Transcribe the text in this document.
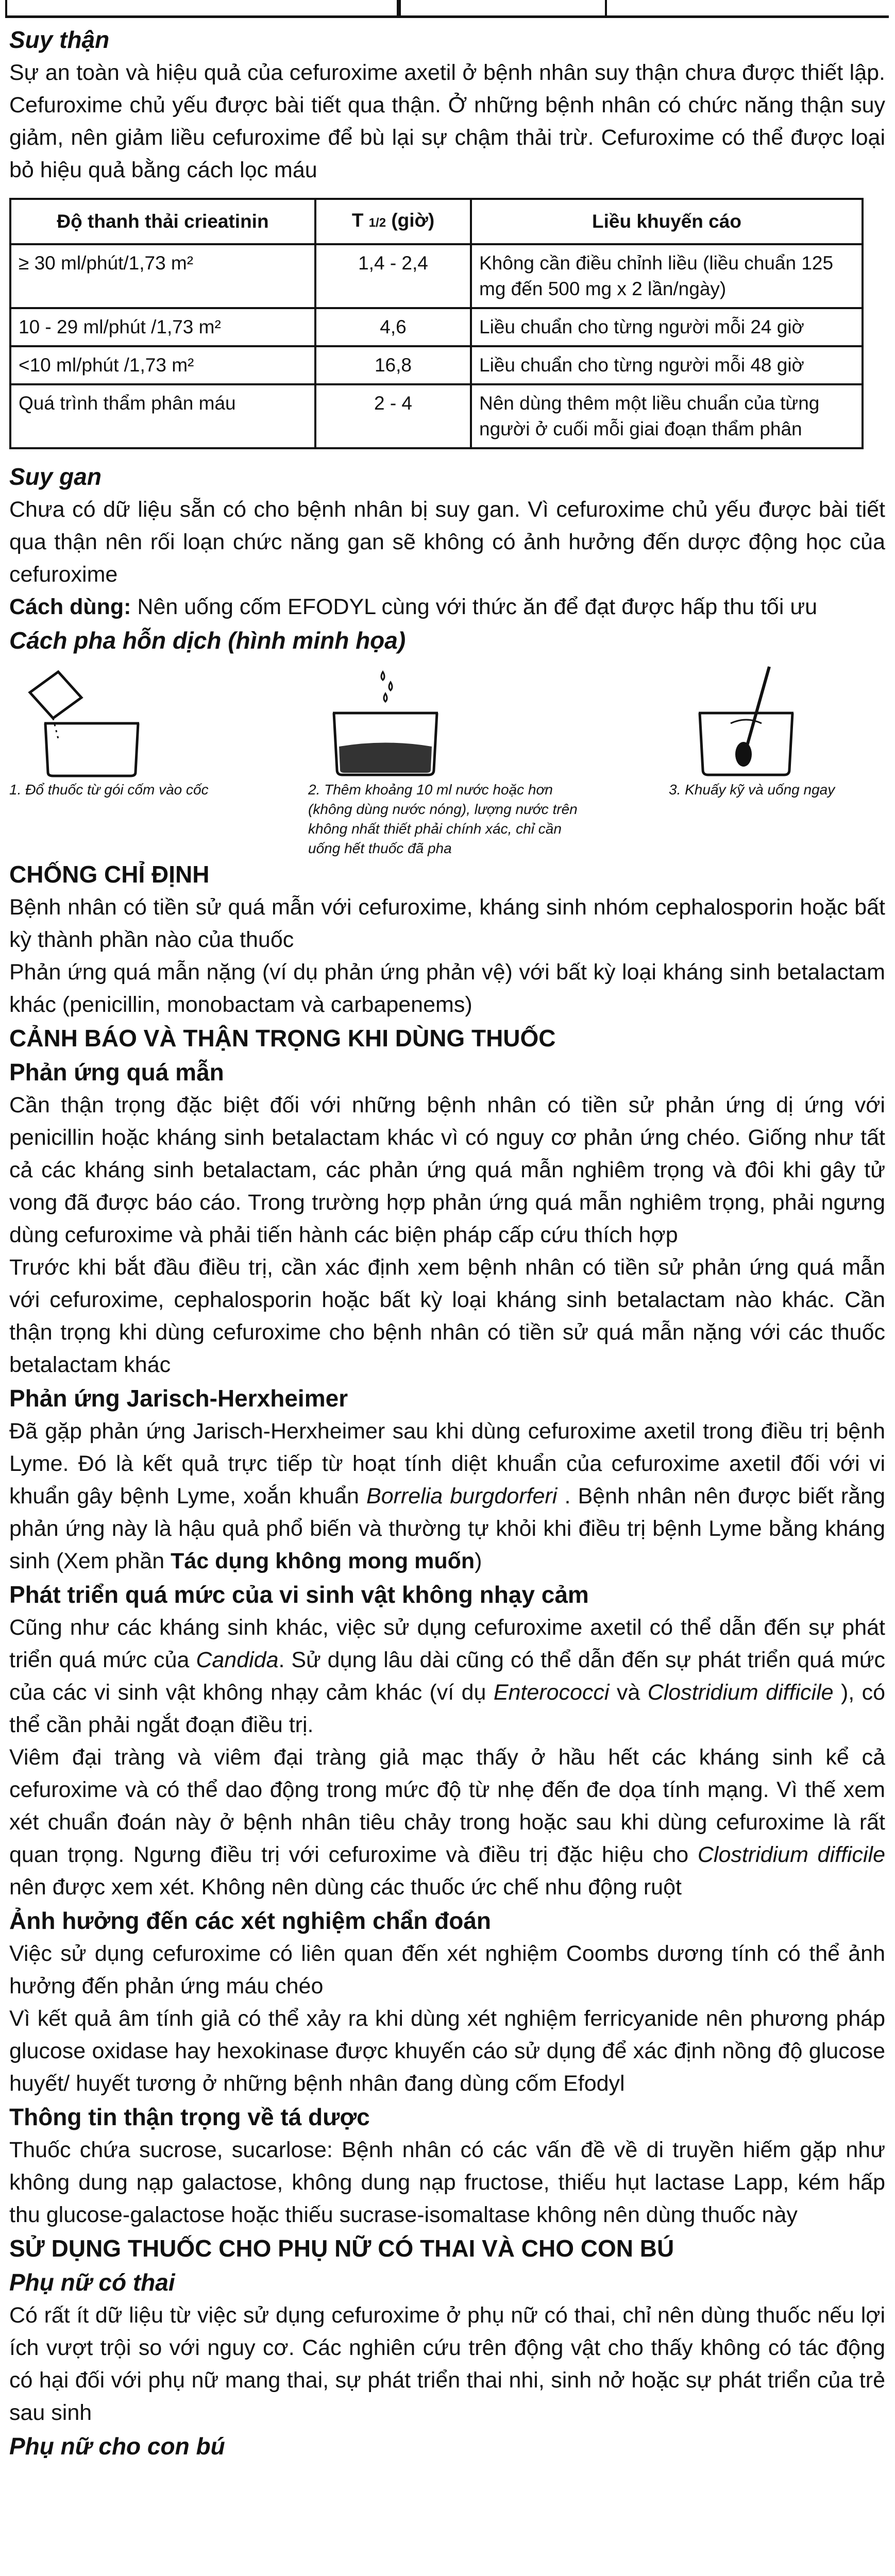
Suy thận

Sự an toàn và hiệu quả của cefuroxime axetil ở bệnh nhân suy thận chưa được thiết lập. Cefuroxime chủ yếu được bài tiết qua thận. Ở những bệnh nhân có chức năng thận suy giảm, nên giảm liều cefuroxime để bù lại sự chậm thải trừ. Cefuroxime có thể được loại bỏ hiệu quả bằng cách lọc máu

Độ thanh thải crieatinin	T 1/2 (giờ)	Liều khuyến cáo
≥ 30 ml/phút/1,73 m²	1,4 - 2,4	Không cần điều chỉnh liều (liều chuẩn 125 mg đến 500 mg x 2 lần/ngày)
10 - 29 ml/phút /1,73 m²	4,6	Liều chuẩn cho từng người mỗi 24 giờ
<10 ml/phút /1,73 m²	16,8	Liều chuẩn cho từng người mỗi 48 giờ
Quá trình thẩm phân máu	2 - 4	Nên dùng thêm một liều chuẩn của từng người ở cuối mỗi giai đoạn thẩm phân
Suy gan

Chưa có dữ liệu sẵn có cho bệnh nhân bị suy gan. Vì cefuroxime chủ yếu được bài tiết qua thận nên rối loạn chức năng gan sẽ không có ảnh hưởng đến dược động học của cefuroxime

Cách dùng: Nên uống cốm EFODYL cùng với thức ăn để đạt được hấp thu tối ưu

Cách pha hỗn dịch (hình minh họa)
1. Đổ thuốc từ gói cốm vào cốc	2. Thêm khoảng 10 ml nước hoặc hơn (không dùng nước nóng), lượng nước trên không nhất thiết phải chính xác, chỉ cần uống hết thuốc đã pha
3. Khuấy kỹ và uống ngay
CHỐNG CHỈ ĐỊNH

Bệnh nhân có tiền sử quá mẫn với cefuroxime, kháng sinh nhóm cephalosporin hoặc bất kỳ thành phần nào của thuốc

Phản ứng quá mẫn nặng (ví dụ phản ứng phản vệ) với bất kỳ loại kháng sinh betalactam khác (penicillin, monobactam và carbapenems)

CẢNH BÁO VÀ THẬN TRỌNG KHI DÙNG THUỐC
Phản ứng quá mẫn

Cần thận trọng đặc biệt đối với những bệnh nhân có tiền sử phản ứng dị ứng với penicillin hoặc kháng sinh betalactam khác vì có nguy cơ phản ứng chéo. Giống như tất cả các kháng sinh betalactam, các phản ứng quá mẫn nghiêm trọng và đôi khi gây tử vong đã được báo cáo. Trong trường hợp phản ứng quá mẫn nghiêm trọng, phải ngưng dùng cefuroxime và phải tiến hành các biện pháp cấp cứu thích hợp

Trước khi bắt đầu điều trị, cần xác định xem bệnh nhân có tiền sử phản ứng quá mẫn với cefuroxime, cephalosporin hoặc bất kỳ loại kháng sinh betalactam nào khác. Cần thận trọng khi dùng cefuroxime cho bệnh nhân có tiền sử quá mẫn nặng với các thuốc betalactam khác

Phản ứng Jarisch-Herxheimer

Đã gặp phản ứng Jarisch-Herxheimer sau khi dùng cefuroxime axetil trong điều trị bệnh Lyme. Đó là kết quả trực tiếp từ hoạt tính diệt khuẩn của cefuroxime axetil đối với vi khuẩn gây bệnh Lyme, xoắn khuẩn Borrelia burgdorferi . Bệnh nhân nên được biết rằng phản ứng này là hậu quả phổ biến và thường tự khỏi khi điều trị bệnh Lyme bằng kháng sinh (Xem phần Tác dụng không mong muốn)

Phát triển quá mức của vi sinh vật không nhạy cảm

Cũng như các kháng sinh khác, việc sử dụng cefuroxime axetil có thể dẫn đến sự phát triển quá mức của Candida. Sử dụng lâu dài cũng có thể dẫn đến sự phát triển quá mức của các vi sinh vật không nhạy cảm khác (ví dụ Enterococci và Clostridium difficile ), có thể cần phải ngắt đoạn điều trị.

Viêm đại tràng và viêm đại tràng giả mạc thấy ở hầu hết các kháng sinh kể cả cefuroxime và có thể dao động trong mức độ từ nhẹ đến đe dọa tính mạng. Vì thế xem xét chuẩn đoán này ở bệnh nhân tiêu chảy trong hoặc sau khi dùng cefuroxime là rất quan trọng. Ngưng điều trị với cefuroxime và điều trị đặc hiệu cho Clostridium difficile nên được xem xét. Không nên dùng các thuốc ức chế nhu động ruột

Ảnh hưởng đến các xét nghiệm chẩn đoán

Việc sử dụng cefuroxime có liên quan đến xét nghiệm Coombs dương tính có thể ảnh hưởng đến phản ứng máu chéo

Vì kết quả âm tính giả có thể xảy ra khi dùng xét nghiệm ferricyanide nên phương pháp glucose oxidase hay hexokinase được khuyến cáo sử dụng để xác định nồng độ glucose huyết/ huyết tương ở những bệnh nhân đang dùng cốm Efodyl

Thông tin thận trọng về tá dược

Thuốc chứa sucrose, sucarlose: Bệnh nhân có các vấn đề về di truyền hiếm gặp như không dung nạp galactose, không dung nạp fructose, thiếu hụt lactase Lapp, kém hấp thu glucose-galactose hoặc thiếu sucrase-isomaltase không nên dùng thuốc này

SỬ DỤNG THUỐC CHO PHỤ NỮ CÓ THAI VÀ CHO CON BÚ
Phụ nữ có thai

Có rất ít dữ liệu từ việc sử dụng cefuroxime ở phụ nữ có thai, chỉ nên dùng thuốc nếu lợi ích vượt trội so với nguy cơ. Các nghiên cứu trên động vật cho thấy không có tác động có hại đối với phụ nữ mang thai, sự phát triển thai nhi, sinh nở hoặc sự phát triển của trẻ sau sinh

Phụ nữ cho con bú
